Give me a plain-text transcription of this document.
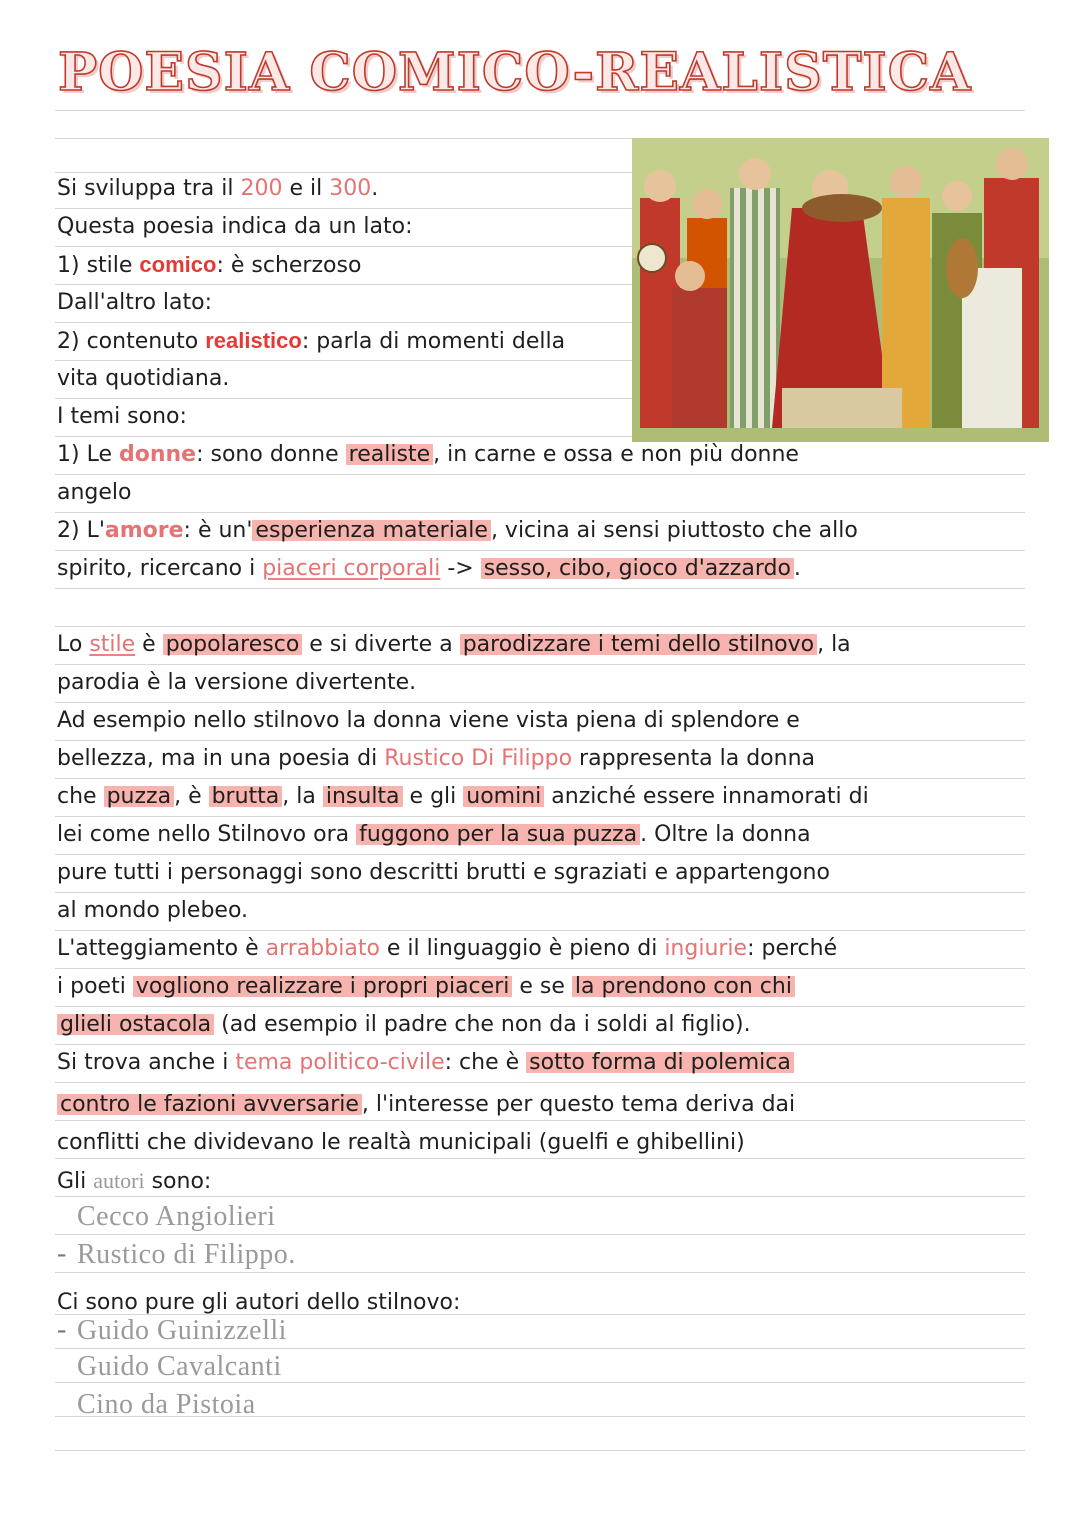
POESIA COMICO-REALISTICA
Si sviluppa tra il 200 e il 300.
Questa poesia indica da un lato:
1) stile comico: è scherzoso
Dall'altro lato:
2) contenuto realistico: parla di momenti della
vita quotidiana.
I temi sono:
1) Le donne: sono donne realiste , in carne e ossa e non più donne
angelo
2) L'amore: è un' esperienza materiale , vicina ai sensi piuttosto che allo
spirito, ricercano i piaceri corporali -> sesso, cibo, gioco d'azzardo .
Lo stile è popolaresco e si diverte a parodizzare i temi dello stilnovo , la
parodia è la versione divertente.
Ad esempio nello stilnovo la donna viene vista piena di splendore e
bellezza, ma in una poesia di Rustico Di Filippo rappresenta la donna
che puzza , è brutta , la insulta e gli uomini anziché essere innamorati di
lei come nello Stilnovo ora fuggono per la sua puzza . Oltre la donna
pure tutti i personaggi sono descritti brutti e sgraziati e appartengono
al mondo plebeo.
L'atteggiamento è arrabbiato e il linguaggio è pieno di ingiurie: perché
i poeti vogliono realizzare i propri piaceri e se la prendono con chi
glieli ostacola (ad esempio il padre che non da i soldi al figlio).
Si trova anche i tema politico-civile: che è sotto forma di polemica
contro le fazioni avversarie , l'interesse per questo tema deriva dai
conflitti che dividevano le realtà municipali (guelfi e ghibellini)
Gli autori sono:
Cecco Angiolieri
- Rustico di Filippo.
Ci sono pure gli autori dello stilnovo:
- Guido Guinizzelli
Guido Cavalcanti
Cino da Pistoia
